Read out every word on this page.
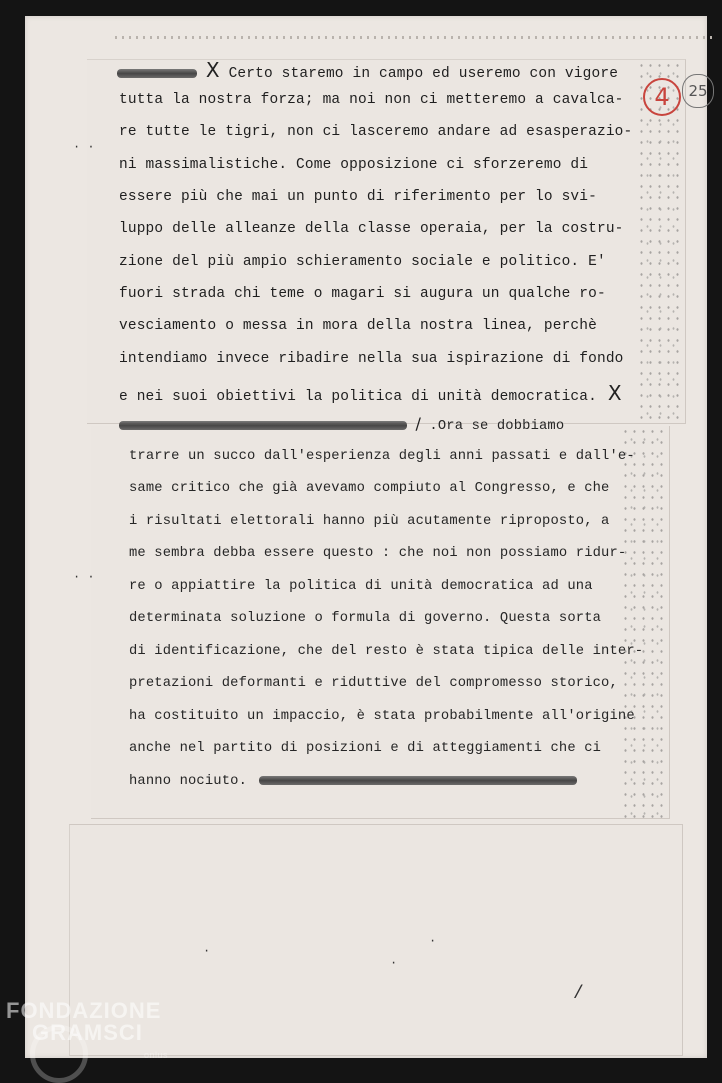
4	25
X Certo staremo in campo ed useremo con vigore
tutta la nostra forza; ma noi non ci metteremo a cavalca-
re tutte le tigri, non ci lasceremo andare ad esasperazio-
ni massimalistiche. Come opposizione ci sforzeremo di
essere più che mai un punto di riferimento per lo svi-
luppo delle alleanze della classe operaia, per la costru-
zione del più ampio schieramento sociale e politico. E'
fuori strada chi teme o magari si augura un qualche ro-
vesciamento o messa in mora della nostra linea, perchè
intendiamo invece ribadire nella sua ispirazione di fondo
e nei suoi obiettivi la politica di unità democratica. X
/ .Ora se dobbiamo
trarre un succo dall'esperienza degli anni passati e dall'e-
same critico che già avevamo compiuto al Congresso, e che
i risultati elettorali hanno più acutamente riproposto, a
me sembra debba essere questo : che noi non possiamo ridur-
re o appiattire la politica di unità democratica ad una
determinata soluzione o formula di governo. Questa sorta
di identificazione, che del resto è stata tipica delle inter-
pretazioni deformanti e riduttive del compromesso storico,
ha costituito un impaccio, è stata probabilmente all'origine
anche nel partito di posizioni e di atteggiamenti che ci
hanno nociuto.
· ·
· ·
·
·
·
/
FONDAZIONE
GRAMSCI
onlus
